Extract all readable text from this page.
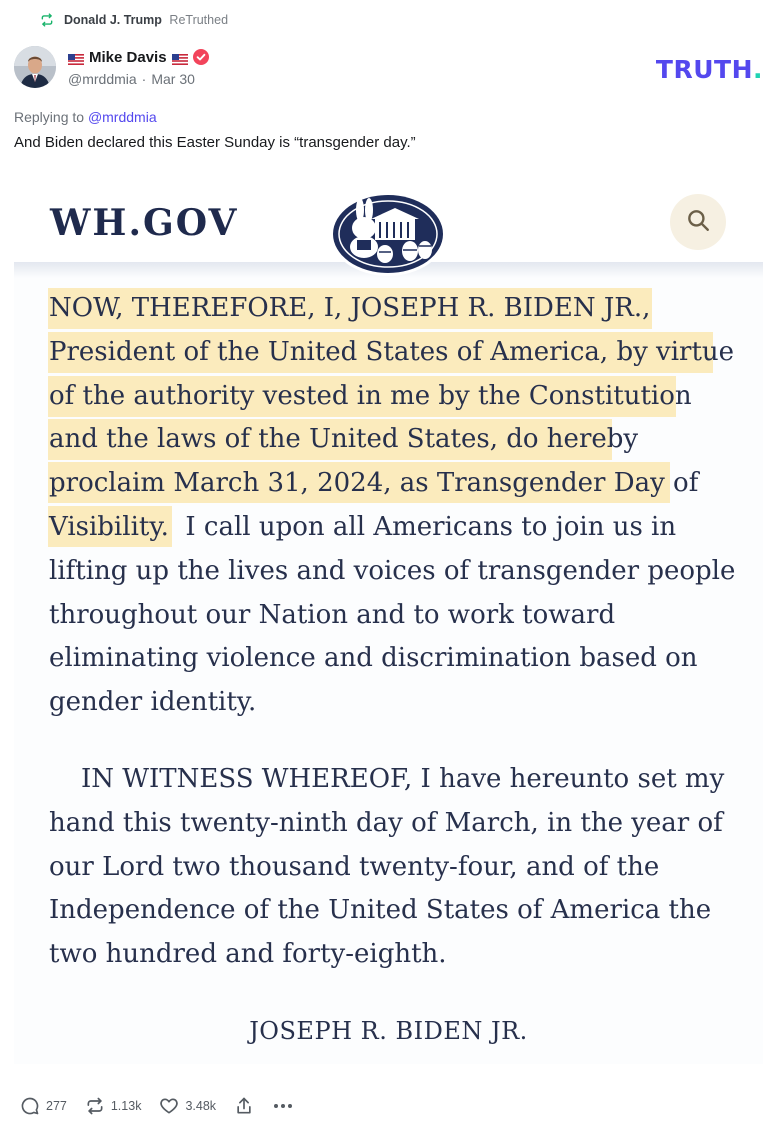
Donald J. Trump ReTruthed
Mike Davis
@mrddmia · Mar 30	TRUTH.
Replying to @mrddmia
And Biden declared this Easter Sunday is “transgender day.”
WH.GOV
NOW, THEREFORE, I, JOSEPH R. BIDEN JR.,
President of the United States of America, by virtue
of the authority vested in me by the Constitution
and the laws of the United States, do hereby
proclaim March 31, 2024, as Transgender Day of
Visibility. I call upon all Americans to join us in
lifting up the lives and voices of transgender people
throughout our Nation and to work toward
eliminating violence and discrimination based on
gender identity.
IN WITNESS WHEREOF, I have hereunto set my
hand this twenty-ninth day of March, in the year of
our Lord two thousand twenty-four, and of the
Independence of the United States of America the
two hundred and forty-eighth.
JOSEPH R. BIDEN JR.
277	1.13k	3.48k
